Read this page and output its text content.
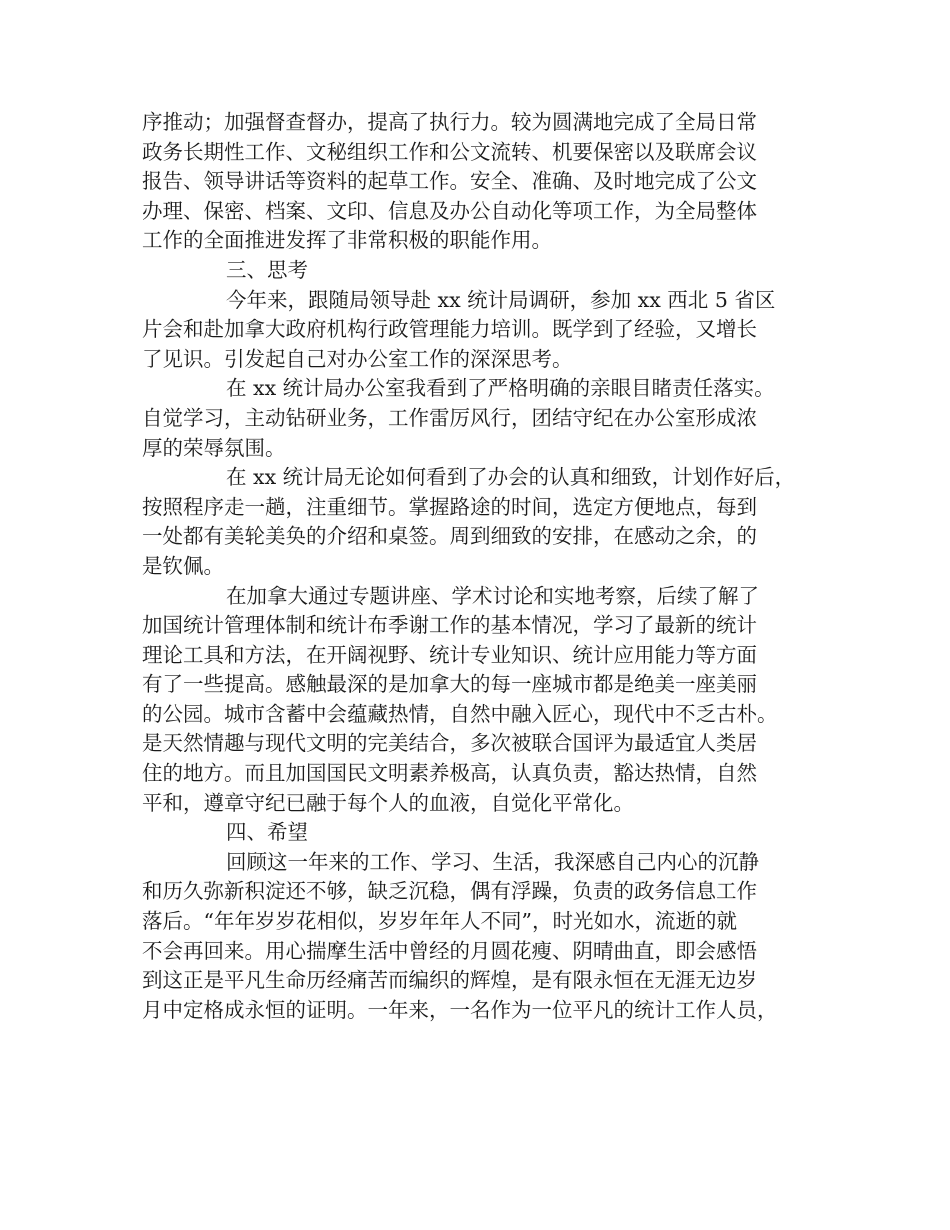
序推动；加强督查督办，提高了执行力。较为圆满地完成了全局日常
政务长期性工作、文秘组织工作和公文流转、机要保密以及联席会议
报告、领导讲话等资料的起草工作。安全、准确、及时地完成了公文
办理、保密、档案、文印、信息及办公自动化等项工作，为全局整体
工作的全面推进发挥了非常积极的职能作用。
三、思考
今年来，跟随局领导赴 xx 统计局调研，参加 xx 西北 5 省区
片会和赴加拿大政府机构行政管理能力培训。既学到了经验，又增长
了见识。引发起自己对办公室工作的深深思考。
在 xx 统计局办公室我看到了严格明确的亲眼目睹责任落实。
自觉学习，主动钻研业务，工作雷厉风行，团结守纪在办公室形成浓
厚的荣辱氛围。
在 xx 统计局无论如何看到了办会的认真和细致，计划作好后，
按照程序走一趟，注重细节。掌握路途的时间，选定方便地点，每到
一处都有美轮美奂的介绍和桌签。周到细致的安排，在感动之余，的
是钦佩。
在加拿大通过专题讲座、学术讨论和实地考察，后续了解了
加国统计管理体制和统计布季谢工作的基本情况，学习了最新的统计
理论工具和方法，在开阔视野、统计专业知识、统计应用能力等方面
有了一些提高。感触最深的是加拿大的每一座城市都是绝美一座美丽
的公园。城市含蓄中会蕴藏热情，自然中融入匠心，现代中不乏古朴。
是天然情趣与现代文明的完美结合，多次被联合国评为最适宜人类居
住的地方。而且加国国民文明素养极高，认真负责，豁达热情，自然
平和，遵章守纪已融于每个人的血液，自觉化平常化。
四、希望
回顾这一年来的工作、学习、生活，我深感自己内心的沉静
和历久弥新积淀还不够，缺乏沉稳，偶有浮躁，负责的政务信息工作
落后。“年年岁岁花相似，岁岁年年人不同”，时光如水，流逝的就
不会再回来。用心揣摩生活中曾经的月圆花瘦、阴晴曲直，即会感悟
到这正是平凡生命历经痛苦而编织的辉煌，是有限永恒在无涯无边岁
月中定格成永恒的证明。一年来，一名作为一位平凡的统计工作人员，
